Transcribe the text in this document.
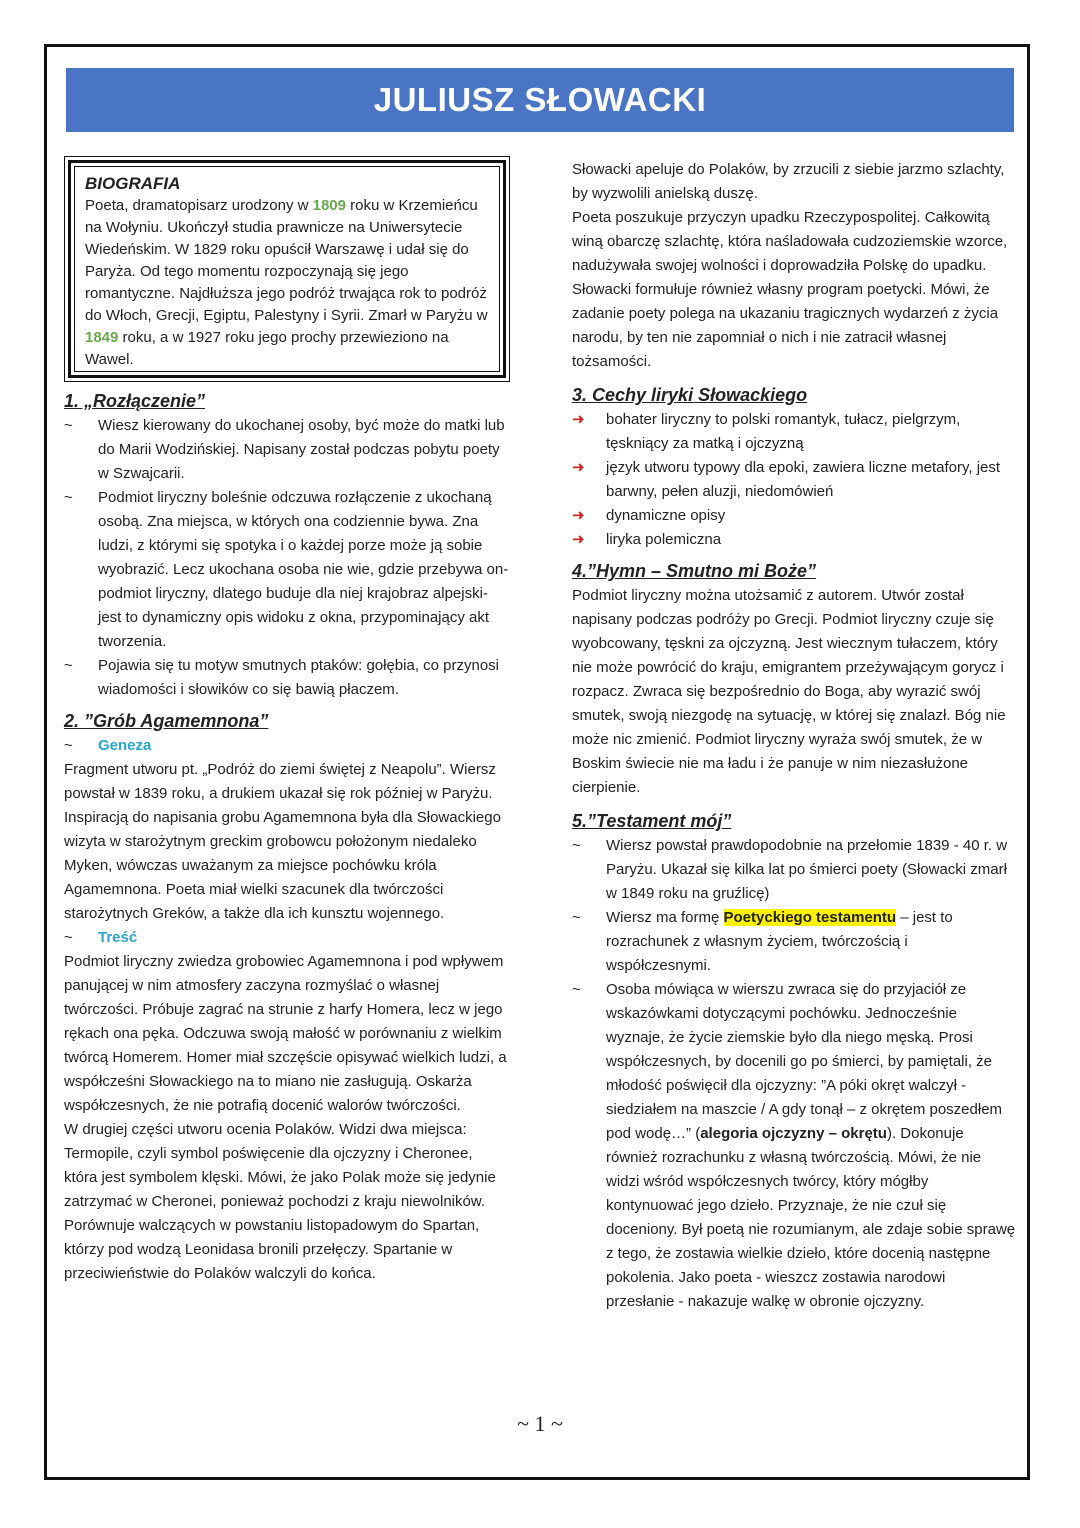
JULIUSZ SŁOWACKI
BIOGRAFIA
Poeta, dramatopisarz urodzony w 1809 roku w Krzemieńcu na Wołyniu. Ukończył studia prawnicze na Uniwersytecie Wiedeńskim. W 1829 roku opuścił Warszawę i udał się do Paryża. Od tego momentu rozpoczynają się jego romantyczne. Najdłuższa jego podróż trwająca rok to podróż do Włoch, Grecji, Egiptu, Palestyny i Syrii. Zmarł w Paryżu w 1849 roku, a w 1927 roku jego prochy przewieziono na Wawel.
1. „Rozłączenie”
~	Wiesz kierowany do ukochanej osoby, być może do matki lub do Marii Wodzińskiej. Napisany został podczas pobytu poety w Szwajcarii.
~	Podmiot liryczny boleśnie odczuwa rozłączenie z ukochaną osobą. Zna miejsca, w których ona codziennie bywa. Zna ludzi, z którymi się spotyka i o każdej porze może ją sobie wyobrazić. Lecz ukochana osoba nie wie, gdzie przebywa on- podmiot liryczny, dlatego buduje dla niej krajobraz alpejski- jest to dynamiczny opis widoku z okna, przypominający akt tworzenia.
~	Pojawia się tu motyw smutnych ptaków: gołębia, co przynosi wiadomości i słowików co się bawią płaczem.
2. ”Grób Agamemnona”
~	Geneza

Fragment utworu pt. „Podróż do ziemi świętej z Neapolu”. Wiersz powstał w 1839 roku, a drukiem ukazał się rok później w Paryżu. Inspiracją do napisania grobu Agamemnona była dla Słowackiego wizyta w starożytnym greckim grobowcu położonym niedaleko Myken, wówczas uważanym za miejsce pochówku króla Agamemnona. Poeta miał wielki szacunek dla twórczości starożytnych Greków, a także dla ich kunsztu wojennego.

~	Treść

Podmiot liryczny zwiedza grobowiec Agamemnona i pod wpływem panującej w nim atmosfery zaczyna rozmyślać o własnej twórczości. Próbuje zagrać na strunie z harfy Homera, lecz w jego rękach ona pęka. Odczuwa swoją małość w porównaniu z wielkim twórcą Homerem. Homer miał szczęście opisywać wielkich ludzi, a współcześni Słowackiego na to miano nie zasługują. Oskarża współczesnych, że nie potrafią docenić walorów twórczości.

W drugiej części utworu ocenia Polaków. Widzi dwa miejsca: Termopile, czyli symbol poświęcenie dla ojczyzny i Cheronee, która jest symbolem klęski. Mówi, że jako Polak może się jedynie zatrzymać w Cheronei, ponieważ pochodzi z kraju niewolników.

Porównuje walczących w powstaniu listopadowym do Spartan, którzy pod wodzą Leonidasa bronili przełęczy. Spartanie w przeciwieństwie do Polaków walczyli do końca.

Słowacki apeluje do Polaków, by zrzucili z siebie jarzmo szlachty, by wyzwolili anielską duszę.

Poeta poszukuje przyczyn upadku Rzeczypospolitej. Całkowitą winą obarczę szlachtę, która naśladowała cudzoziemskie wzorce, nadużywała swojej wolności i doprowadziła Polskę do upadku.

Słowacki formułuje również własny program poetycki. Mówi, że zadanie poety polega na ukazaniu tragicznych wydarzeń z życia narodu, by ten nie zapomniał o nich i nie zatracił własnej tożsamości.

3. Cechy liryki Słowackiego
➜	bohater liryczny to polski romantyk, tułacz, pielgrzym, tęskniący za matką i ojczyzną
➜	język utworu typowy dla epoki, zawiera liczne metafory, jest barwny, pełen aluzji, niedomówień
➜	dynamiczne opisy
➜	liryka polemiczna
4.”Hymn – Smutno mi Boże”

Podmiot liryczny można utożsamić z autorem. Utwór został napisany podczas podróży po Grecji. Podmiot liryczny czuje się wyobcowany, tęskni za ojczyzną. Jest wiecznym tułaczem, który nie może powrócić do kraju, emigrantem przeżywającym gorycz i rozpacz. Zwraca się bezpośrednio do Boga, aby wyrazić swój smutek, swoją niezgodę na sytuację, w której się znalazł. Bóg nie może nic zmienić. Podmiot liryczny wyraża swój smutek, że w Boskim świecie nie ma ładu i że panuje w nim niezasłużone cierpienie.

5.”Testament mój”
~	Wiersz powstał prawdopodobnie na przełomie 1839 - 40 r. w Paryżu. Ukazał się kilka lat po śmierci poety (Słowacki zmarł w 1849 roku na gruźlicę)
~	Wiersz ma formę Poetyckiego testamentu – jest to rozrachunek z własnym życiem, twórczością i współczesnymi.
~	Osoba mówiąca w wierszu zwraca się do przyjaciół ze wskazówkami dotyczącymi pochówku. Jednocześnie wyznaje, że życie ziemskie było dla niego męską. Prosi współczesnych, by docenili go po śmierci, by pamiętali, że młodość poświęcił dla ojczyzny: ”A póki okręt walczył - siedziałem na maszcie / A gdy tonął – z okrętem poszedłem pod wodę…” (alegoria ojczyzny – okrętu). Dokonuje również rozrachunku z własną twórczością. Mówi, że nie widzi wśród współczesnych twórcy, który mógłby kontynuować jego dzieło. Przyznaje, że nie czuł się doceniony. Był poetą nie rozumianym, ale zdaje sobie sprawę z tego, że zostawia wielkie dzieło, które docenią następne pokolenia. Jako poeta - wieszcz zostawia narodowi przesłanie - nakazuje walkę w obronie ojczyzny.
~ 1 ~
